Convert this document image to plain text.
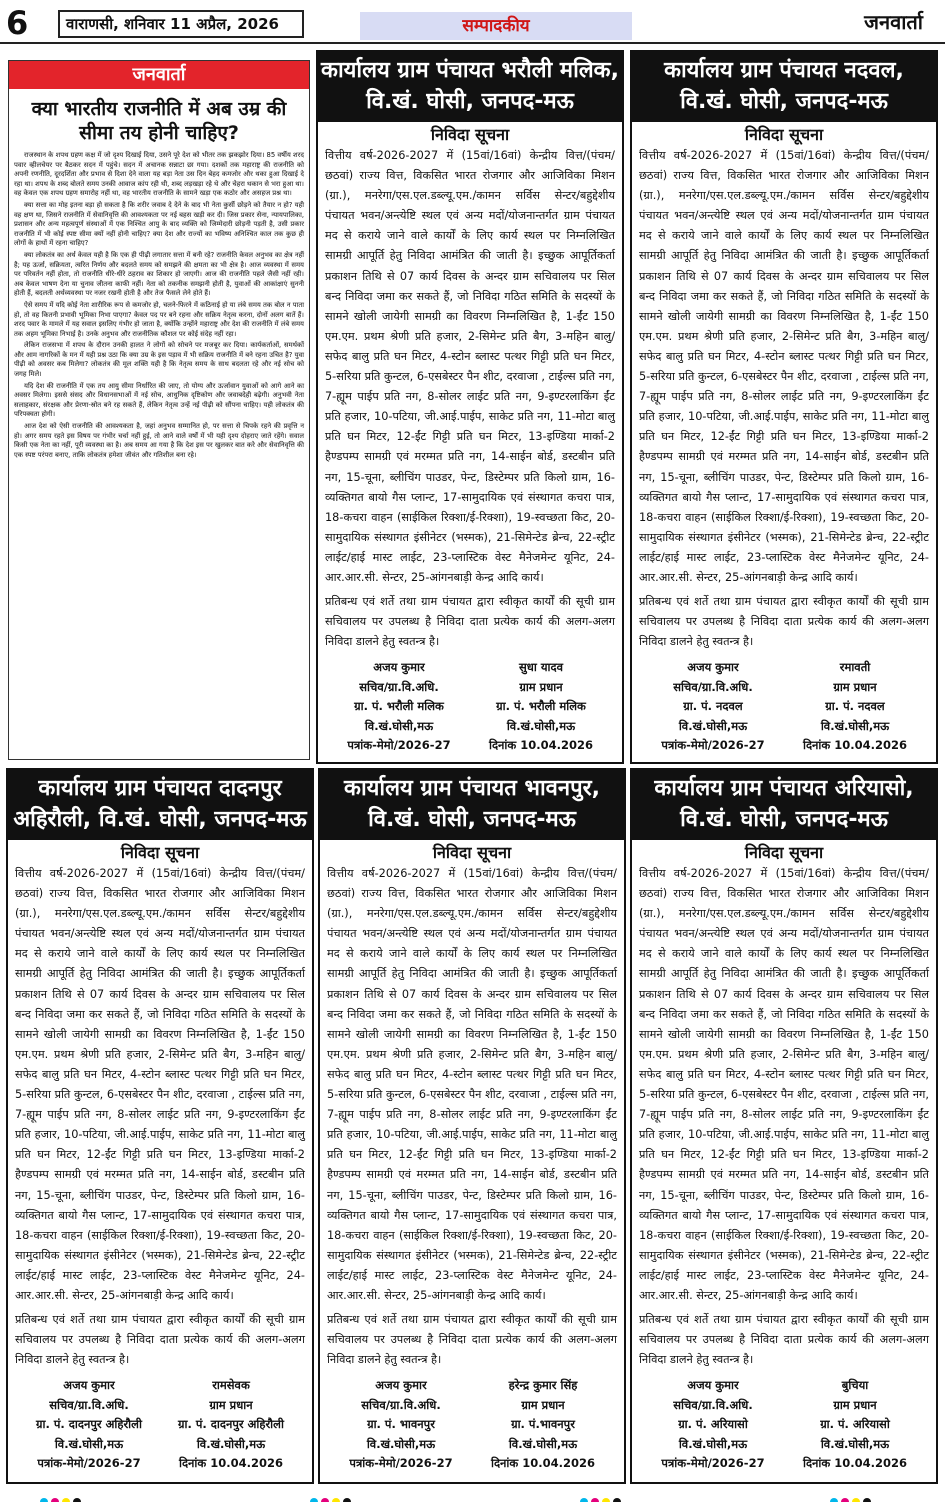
6	वाराणसी, शनिवार 11 अप्रैल, 2026	सम्पादकीय	जनवार्ता
जनवार्ता
क्या भारतीय राजनीति में अब उम्र की सीमा तय होनी चाहिए?

राजस्थान के शपथ ग्रहण कक्ष में जो दृश्य दिखाई दिया, उसने पूरे देश को भीतर तक झकझोर दिया। 85 वर्षीय शरद पवार व्हीलचेयर पर बैठकर सदन में पहुंचे। सदन में अचानक सन्नाटा छा गया। दशकों तक महाराष्ट्र की राजनीति को अपनी रणनीति, दूरदर्शिता और प्रभाव से दिशा देने वाला यह बड़ा नेता उस दिन बेहद कमजोर और थका हुआ दिखाई दे रहा था। शपथ के शब्द बोलते समय उनकी आवाज कांप रही थी, शब्द लड़खड़ा रहे थे और चेहरा थकान से भरा हुआ था। वह केवल एक शपथ ग्रहण समारोह नहीं था, वह भारतीय राजनीति के सामने खड़ा एक कठोर और असहज प्रश्न था।

क्या सत्ता का मोह इतना बड़ा हो सकता है कि शरीर जवाब दे देने के बाद भी नेता कुर्सी छोड़ने को तैयार न हो? यही वह क्षण था, जिसने राजनीति में सेवानिवृत्ति की आवश्यकता पर नई बहस खड़ी कर दी। जिस प्रकार सेना, न्यायपालिका, प्रशासन और अन्य महत्वपूर्ण संस्थाओं में एक निश्चित आयु के बाद व्यक्ति को जिम्मेदारी छोड़नी पड़ती है, उसी प्रकार राजनीति में भी कोई स्पष्ट सीमा क्यों नहीं होनी चाहिए? क्या देश और राज्यों का भविष्य अनिश्चित काल तक कुछ ही लोगों के हाथों में रहना चाहिए?

क्या लोकतंत्र का अर्थ केवल यही है कि एक ही पीढ़ी लगातार सत्ता में बनी रहे? राजनीति केवल अनुभव का क्षेत्र नहीं है; यह ऊर्जा, सक्रियता, त्वरित निर्णय और बदलते समय को समझने की क्षमता का भी क्षेत्र है। आज व्यवस्था में समय पर परिवर्तन नहीं होता, तो राजनीति धीरे-धीरे ठहराव का शिकार हो जाएगी। आज की राजनीति पहले जैसी नहीं रही। अब केवल भाषण देना या चुनाव जीतना काफी नहीं। नेता को तकनीक समझनी होती है, युवाओं की आकांक्षाएं सुननी होती हैं, बदलती अर्थव्यवस्था पर नजर रखनी होती है और तेज फैसले लेने होते हैं।

ऐसे समय में यदि कोई नेता शारीरिक रूप से कमजोर हो, चलने-फिरने में कठिनाई हो या लंबे समय तक बोल न पाता हो, तो वह कितनी प्रभावी भूमिका निभा पाएगा? केवल पद पर बने रहना और सक्रिय नेतृत्व करना, दोनों अलग बातें हैं। शरद पवार के मामले में यह सवाल इसलिए गंभीर हो जाता है, क्योंकि उन्होंने महाराष्ट्र और देश की राजनीति में लंबे समय तक अहम भूमिका निभाई है। उनके अनुभव और राजनीतिक कौशल पर कोई संदेह नहीं रहा।

लेकिन राजसभा में शपथ के दौरान उनकी हालत ने लोगों को सोचने पर मजबूर कर दिया। कार्यकर्ताओं, समर्थकों और आम नागरिकों के मन में यही प्रश्न उठा कि क्या उम्र के इस पड़ाव में भी सक्रिय राजनीति में बने रहना उचित है? युवा पीढ़ी को अवसर कब मिलेगा? लोकतंत्र की मूल शक्ति यही है कि नेतृत्व समय के साथ बदलता रहे और नई सोच को जगह मिले।

यदि देश की राजनीति में एक तय आयु सीमा निर्धारित की जाए, तो योग्य और ऊर्जावान युवाओं को आगे आने का अवसर मिलेगा। इससे संसद और विधानसभाओं में नई सोच, आधुनिक दृष्टिकोण और जवाबदेही बढ़ेगी। अनुभवी नेता सलाहकार, संरक्षक और प्रेरणा-स्रोत बने रह सकते हैं, लेकिन नेतृत्व उन्हें नई पीढ़ी को सौंपना चाहिए। यही लोकतंत्र की परिपक्वता होगी।

आज देश को ऐसी राजनीति की आवश्यकता है, जहां अनुभव सम्मानित हो, पर सत्ता से चिपके रहने की प्रवृत्ति न हो। अगर समय रहते इस विषय पर गंभीर चर्चा नहीं हुई, तो आने वाले वर्षों में भी यही दृश्य दोहराए जाते रहेंगे। सवाल किसी एक नेता का नहीं, पूरी व्यवस्था का है। अब समय आ गया है कि देश इस पर खुलकर बात करे और सेवानिवृत्ति की एक स्पष्ट परंपरा बनाए, ताकि लोकतंत्र हमेशा जीवंत और गतिशील बना रहे।

कार्यालय ग्राम पंचायत भरौली मलिक, वि.खं. घोसी, जनपद-मऊ
निविदा सूचना
वित्तीय वर्ष-2026-2027 में (15वां/16वां) केन्द्रीय वित्त/(पंचम/छठवां) राज्य वित्त, विकसित भारत रोजगार और आजिविका मिशन (ग्रा.), मनरेगा/एस.एल.डब्ल्यू.एम./कामन सर्विस सेन्टर/बहुद्देशीय पंचायत भवन/अन्त्येष्टि स्थल एवं अन्य मदों/योजनान्तर्गत ग्राम पंचायत मद से कराये जाने वाले कार्यों के लिए कार्य स्थल पर निम्नलिखित सामग्री आपूर्ति हेतु निविदा आमंत्रित की जाती है। इच्छुक आपूर्तिकर्ता प्रकाशन तिथि से 07 कार्य दिवस के अन्दर ग्राम सचिवालय पर सिल बन्द निविदा जमा कर सकते हैं, जो निविदा गठित समिति के सदस्यों के सामने खोली जायेगी सामग्री का विवरण निम्नलिखित है, 1-ईंट 150 एम.एम. प्रथम श्रेणी प्रति हजार, 2-सिमेन्ट प्रति बैग, 3-महिन बालु/सफेद बालु प्रति घन मिटर, 4-स्टोन ब्लास्ट पत्थर गिट्टी प्रति घन मिटर, 5-सरिया प्रति कुन्टल, 6-एसबेस्टर पैन शीट, दरवाजा , टाईल्स प्रति नग, 7-ह्यूम पाईप प्रति नग, 8-सोलर लाईट प्रति नग, 9-इण्टरलाकिंग ईंट प्रति हजार, 10-पटिया, जी.आई.पाईप, साकेट प्रति नग, 11-मोटा बालु प्रति घन मिटर, 12-ईंट गिट्टी प्रति घन मिटर, 13-इण्डिया मार्का-2 हैण्डपम्प सामग्री एवं मरम्मत प्रति नग, 14-साईन बोर्ड, डस्टबीन प्रति नग, 15-चूना, ब्लीचिंग पाउडर, पेन्ट, डिस्टेम्पर प्रति किलो ग्राम, 16-व्यक्तिगत बायो गैस प्लान्ट, 17-सामुदायिक एवं संस्थागत कचरा पात्र, 18-कचरा वाहन (साईकिल रिक्शा/ई-रिक्शा), 19-स्वच्छता किट, 20-सामुदायिक संस्थागत इंसीनेटर (भस्मक), 21-सिमेन्टेड ब्रेन्च, 22-स्ट्रीट लाईट/हाई मास्ट लाईट, 23-प्लास्टिक वेस्ट मैनेजमेन्ट यूनिट, 24-आर.आर.सी. सेन्टर, 25-आंगनबाड़ी केन्द्र आदि कार्य।
प्रतिबन्ध एवं शर्ते तथा ग्राम पंचायत द्वारा स्वीकृत कार्यों की सूची ग्राम सचिवालय पर उपलब्ध है निविदा दाता प्रत्येक कार्य की अलग-अलग निविदा डालने हेतु स्वतन्त्र है।
अजय कुमार	सुधा यादव
सचिव/ग्रा.वि.अधि.	ग्राम प्रधान
ग्रा. पं. भरौली मलिक	ग्रा. पं. भरौली मलिक
वि.खं.घोसी,मऊ	वि.खं.घोसी,मऊ
पत्रांक-मेमो/2026-27	दिनांक 10.04.2026
कार्यालय ग्राम पंचायत नदवल, वि.खं. घोसी, जनपद-मऊ
निविदा सूचना
वित्तीय वर्ष-2026-2027 में (15वां/16वां) केन्द्रीय वित्त/(पंचम/छठवां) राज्य वित्त, विकसित भारत रोजगार और आजिविका मिशन (ग्रा.), मनरेगा/एस.एल.डब्ल्यू.एम./कामन सर्विस सेन्टर/बहुद्देशीय पंचायत भवन/अन्त्येष्टि स्थल एवं अन्य मदों/योजनान्तर्गत ग्राम पंचायत मद से कराये जाने वाले कार्यों के लिए कार्य स्थल पर निम्नलिखित सामग्री आपूर्ति हेतु निविदा आमंत्रित की जाती है। इच्छुक आपूर्तिकर्ता प्रकाशन तिथि से 07 कार्य दिवस के अन्दर ग्राम सचिवालय पर सिल बन्द निविदा जमा कर सकते हैं, जो निविदा गठित समिति के सदस्यों के सामने खोली जायेगी सामग्री का विवरण निम्नलिखित है, 1-ईंट 150 एम.एम. प्रथम श्रेणी प्रति हजार, 2-सिमेन्ट प्रति बैग, 3-महिन बालु/सफेद बालु प्रति घन मिटर, 4-स्टोन ब्लास्ट पत्थर गिट्टी प्रति घन मिटर, 5-सरिया प्रति कुन्टल, 6-एसबेस्टर पैन शीट, दरवाजा , टाईल्स प्रति नग, 7-ह्यूम पाईप प्रति नग, 8-सोलर लाईट प्रति नग, 9-इण्टरलाकिंग ईंट प्रति हजार, 10-पटिया, जी.आई.पाईप, साकेट प्रति नग, 11-मोटा बालु प्रति घन मिटर, 12-ईंट गिट्टी प्रति घन मिटर, 13-इण्डिया मार्का-2 हैण्डपम्प सामग्री एवं मरम्मत प्रति नग, 14-साईन बोर्ड, डस्टबीन प्रति नग, 15-चूना, ब्लीचिंग पाउडर, पेन्ट, डिस्टेम्पर प्रति किलो ग्राम, 16-व्यक्तिगत बायो गैस प्लान्ट, 17-सामुदायिक एवं संस्थागत कचरा पात्र, 18-कचरा वाहन (साईकिल रिक्शा/ई-रिक्शा), 19-स्वच्छता किट, 20-सामुदायिक संस्थागत इंसीनेटर (भस्मक), 21-सिमेन्टेड ब्रेन्च, 22-स्ट्रीट लाईट/हाई मास्ट लाईट, 23-प्लास्टिक वेस्ट मैनेजमेन्ट यूनिट, 24-आर.आर.सी. सेन्टर, 25-आंगनबाड़ी केन्द्र आदि कार्य।
प्रतिबन्ध एवं शर्ते तथा ग्राम पंचायत द्वारा स्वीकृत कार्यों की सूची ग्राम सचिवालय पर उपलब्ध है निविदा दाता प्रत्येक कार्य की अलग-अलग निविदा डालने हेतु स्वतन्त्र है।
अजय कुमार	रमावती
सचिव/ग्रा.वि.अधि.	ग्राम प्रधान
ग्रा. पं. नदवल	ग्रा. पं. नदवल
वि.खं.घोसी,मऊ	वि.खं.घोसी,मऊ
पत्रांक-मेमो/2026-27	दिनांक 10.04.2026
कार्यालय ग्राम पंचायत दादनपुर अहिरौली, वि.खं. घोसी, जनपद-मऊ
निविदा सूचना
वित्तीय वर्ष-2026-2027 में (15वां/16वां) केन्द्रीय वित्त/(पंचम/छठवां) राज्य वित्त, विकसित भारत रोजगार और आजिविका मिशन (ग्रा.), मनरेगा/एस.एल.डब्ल्यू.एम./कामन सर्विस सेन्टर/बहुद्देशीय पंचायत भवन/अन्त्येष्टि स्थल एवं अन्य मदों/योजनान्तर्गत ग्राम पंचायत मद से कराये जाने वाले कार्यों के लिए कार्य स्थल पर निम्नलिखित सामग्री आपूर्ति हेतु निविदा आमंत्रित की जाती है। इच्छुक आपूर्तिकर्ता प्रकाशन तिथि से 07 कार्य दिवस के अन्दर ग्राम सचिवालय पर सिल बन्द निविदा जमा कर सकते हैं, जो निविदा गठित समिति के सदस्यों के सामने खोली जायेगी सामग्री का विवरण निम्नलिखित है, 1-ईंट 150 एम.एम. प्रथम श्रेणी प्रति हजार, 2-सिमेन्ट प्रति बैग, 3-महिन बालु/सफेद बालु प्रति घन मिटर, 4-स्टोन ब्लास्ट पत्थर गिट्टी प्रति घन मिटर, 5-सरिया प्रति कुन्टल, 6-एसबेस्टर पैन शीट, दरवाजा , टाईल्स प्रति नग, 7-ह्यूम पाईप प्रति नग, 8-सोलर लाईट प्रति नग, 9-इण्टरलाकिंग ईंट प्रति हजार, 10-पटिया, जी.आई.पाईप, साकेट प्रति नग, 11-मोटा बालु प्रति घन मिटर, 12-ईंट गिट्टी प्रति घन मिटर, 13-इण्डिया मार्का-2 हैण्डपम्प सामग्री एवं मरम्मत प्रति नग, 14-साईन बोर्ड, डस्टबीन प्रति नग, 15-चूना, ब्लीचिंग पाउडर, पेन्ट, डिस्टेम्पर प्रति किलो ग्राम, 16-व्यक्तिगत बायो गैस प्लान्ट, 17-सामुदायिक एवं संस्थागत कचरा पात्र, 18-कचरा वाहन (साईकिल रिक्शा/ई-रिक्शा), 19-स्वच्छता किट, 20-सामुदायिक संस्थागत इंसीनेटर (भस्मक), 21-सिमेन्टेड ब्रेन्च, 22-स्ट्रीट लाईट/हाई मास्ट लाईट, 23-प्लास्टिक वेस्ट मैनेजमेन्ट यूनिट, 24-आर.आर.सी. सेन्टर, 25-आंगनबाड़ी केन्द्र आदि कार्य।
प्रतिबन्ध एवं शर्ते तथा ग्राम पंचायत द्वारा स्वीकृत कार्यों की सूची ग्राम सचिवालय पर उपलब्ध है निविदा दाता प्रत्येक कार्य की अलग-अलग निविदा डालने हेतु स्वतन्त्र है।
अजय कुमार	रामसेवक
सचिव/ग्रा.वि.अधि.	ग्राम प्रधान
ग्रा. पं. दादनपुर अहिरौली	ग्रा. पं. दादनपुर अहिरौली
वि.खं.घोसी,मऊ	वि.खं.घोसी,मऊ
पत्रांक-मेमो/2026-27	दिनांक 10.04.2026
कार्यालय ग्राम पंचायत भावनपुर, वि.खं. घोसी, जनपद-मऊ
निविदा सूचना
वित्तीय वर्ष-2026-2027 में (15वां/16वां) केन्द्रीय वित्त/(पंचम/छठवां) राज्य वित्त, विकसित भारत रोजगार और आजिविका मिशन (ग्रा.), मनरेगा/एस.एल.डब्ल्यू.एम./कामन सर्विस सेन्टर/बहुद्देशीय पंचायत भवन/अन्त्येष्टि स्थल एवं अन्य मदों/योजनान्तर्गत ग्राम पंचायत मद से कराये जाने वाले कार्यों के लिए कार्य स्थल पर निम्नलिखित सामग्री आपूर्ति हेतु निविदा आमंत्रित की जाती है। इच्छुक आपूर्तिकर्ता प्रकाशन तिथि से 07 कार्य दिवस के अन्दर ग्राम सचिवालय पर सिल बन्द निविदा जमा कर सकते हैं, जो निविदा गठित समिति के सदस्यों के सामने खोली जायेगी सामग्री का विवरण निम्नलिखित है, 1-ईंट 150 एम.एम. प्रथम श्रेणी प्रति हजार, 2-सिमेन्ट प्रति बैग, 3-महिन बालु/सफेद बालु प्रति घन मिटर, 4-स्टोन ब्लास्ट पत्थर गिट्टी प्रति घन मिटर, 5-सरिया प्रति कुन्टल, 6-एसबेस्टर पैन शीट, दरवाजा , टाईल्स प्रति नग, 7-ह्यूम पाईप प्रति नग, 8-सोलर लाईट प्रति नग, 9-इण्टरलाकिंग ईंट प्रति हजार, 10-पटिया, जी.आई.पाईप, साकेट प्रति नग, 11-मोटा बालु प्रति घन मिटर, 12-ईंट गिट्टी प्रति घन मिटर, 13-इण्डिया मार्का-2 हैण्डपम्प सामग्री एवं मरम्मत प्रति नग, 14-साईन बोर्ड, डस्टबीन प्रति नग, 15-चूना, ब्लीचिंग पाउडर, पेन्ट, डिस्टेम्पर प्रति किलो ग्राम, 16-व्यक्तिगत बायो गैस प्लान्ट, 17-सामुदायिक एवं संस्थागत कचरा पात्र, 18-कचरा वाहन (साईकिल रिक्शा/ई-रिक्शा), 19-स्वच्छता किट, 20-सामुदायिक संस्थागत इंसीनेटर (भस्मक), 21-सिमेन्टेड ब्रेन्च, 22-स्ट्रीट लाईट/हाई मास्ट लाईट, 23-प्लास्टिक वेस्ट मैनेजमेन्ट यूनिट, 24-आर.आर.सी. सेन्टर, 25-आंगनबाड़ी केन्द्र आदि कार्य।
प्रतिबन्ध एवं शर्ते तथा ग्राम पंचायत द्वारा स्वीकृत कार्यों की सूची ग्राम सचिवालय पर उपलब्ध है निविदा दाता प्रत्येक कार्य की अलग-अलग निविदा डालने हेतु स्वतन्त्र है।
अजय कुमार	हरेन्द्र कुमार सिंह
सचिव/ग्रा.वि.अधि.	ग्राम प्रधान
ग्रा. पं. भावनपुर	ग्रा. पं.भावनपुर
वि.खं.घोसी,मऊ	वि.खं.घोसी,मऊ
पत्रांक-मेमो/2026-27	दिनांक 10.04.2026
कार्यालय ग्राम पंचायत अरियासो, वि.खं. घोसी, जनपद-मऊ
निविदा सूचना
वित्तीय वर्ष-2026-2027 में (15वां/16वां) केन्द्रीय वित्त/(पंचम/छठवां) राज्य वित्त, विकसित भारत रोजगार और आजिविका मिशन (ग्रा.), मनरेगा/एस.एल.डब्ल्यू.एम./कामन सर्विस सेन्टर/बहुद्देशीय पंचायत भवन/अन्त्येष्टि स्थल एवं अन्य मदों/योजनान्तर्गत ग्राम पंचायत मद से कराये जाने वाले कार्यों के लिए कार्य स्थल पर निम्नलिखित सामग्री आपूर्ति हेतु निविदा आमंत्रित की जाती है। इच्छुक आपूर्तिकर्ता प्रकाशन तिथि से 07 कार्य दिवस के अन्दर ग्राम सचिवालय पर सिल बन्द निविदा जमा कर सकते हैं, जो निविदा गठित समिति के सदस्यों के सामने खोली जायेगी सामग्री का विवरण निम्नलिखित है, 1-ईंट 150 एम.एम. प्रथम श्रेणी प्रति हजार, 2-सिमेन्ट प्रति बैग, 3-महिन बालु/सफेद बालु प्रति घन मिटर, 4-स्टोन ब्लास्ट पत्थर गिट्टी प्रति घन मिटर, 5-सरिया प्रति कुन्टल, 6-एसबेस्टर पैन शीट, दरवाजा , टाईल्स प्रति नग, 7-ह्यूम पाईप प्रति नग, 8-सोलर लाईट प्रति नग, 9-इण्टरलाकिंग ईंट प्रति हजार, 10-पटिया, जी.आई.पाईप, साकेट प्रति नग, 11-मोटा बालु प्रति घन मिटर, 12-ईंट गिट्टी प्रति घन मिटर, 13-इण्डिया मार्का-2 हैण्डपम्प सामग्री एवं मरम्मत प्रति नग, 14-साईन बोर्ड, डस्टबीन प्रति नग, 15-चूना, ब्लीचिंग पाउडर, पेन्ट, डिस्टेम्पर प्रति किलो ग्राम, 16-व्यक्तिगत बायो गैस प्लान्ट, 17-सामुदायिक एवं संस्थागत कचरा पात्र, 18-कचरा वाहन (साईकिल रिक्शा/ई-रिक्शा), 19-स्वच्छता किट, 20-सामुदायिक संस्थागत इंसीनेटर (भस्मक), 21-सिमेन्टेड ब्रेन्च, 22-स्ट्रीट लाईट/हाई मास्ट लाईट, 23-प्लास्टिक वेस्ट मैनेजमेन्ट यूनिट, 24-आर.आर.सी. सेन्टर, 25-आंगनबाड़ी केन्द्र आदि कार्य।
प्रतिबन्ध एवं शर्ते तथा ग्राम पंचायत द्वारा स्वीकृत कार्यों की सूची ग्राम सचिवालय पर उपलब्ध है निविदा दाता प्रत्येक कार्य की अलग-अलग निविदा डालने हेतु स्वतन्त्र है।
अजय कुमार	बुचिया
सचिव/ग्रा.वि.अधि.	ग्राम प्रधान
ग्रा. पं. अरियासो	ग्रा. पं. अरियासो
वि.खं.घोसी,मऊ	वि.खं.घोसी,मऊ
पत्रांक-मेमो/2026-27	दिनांक 10.04.2026
